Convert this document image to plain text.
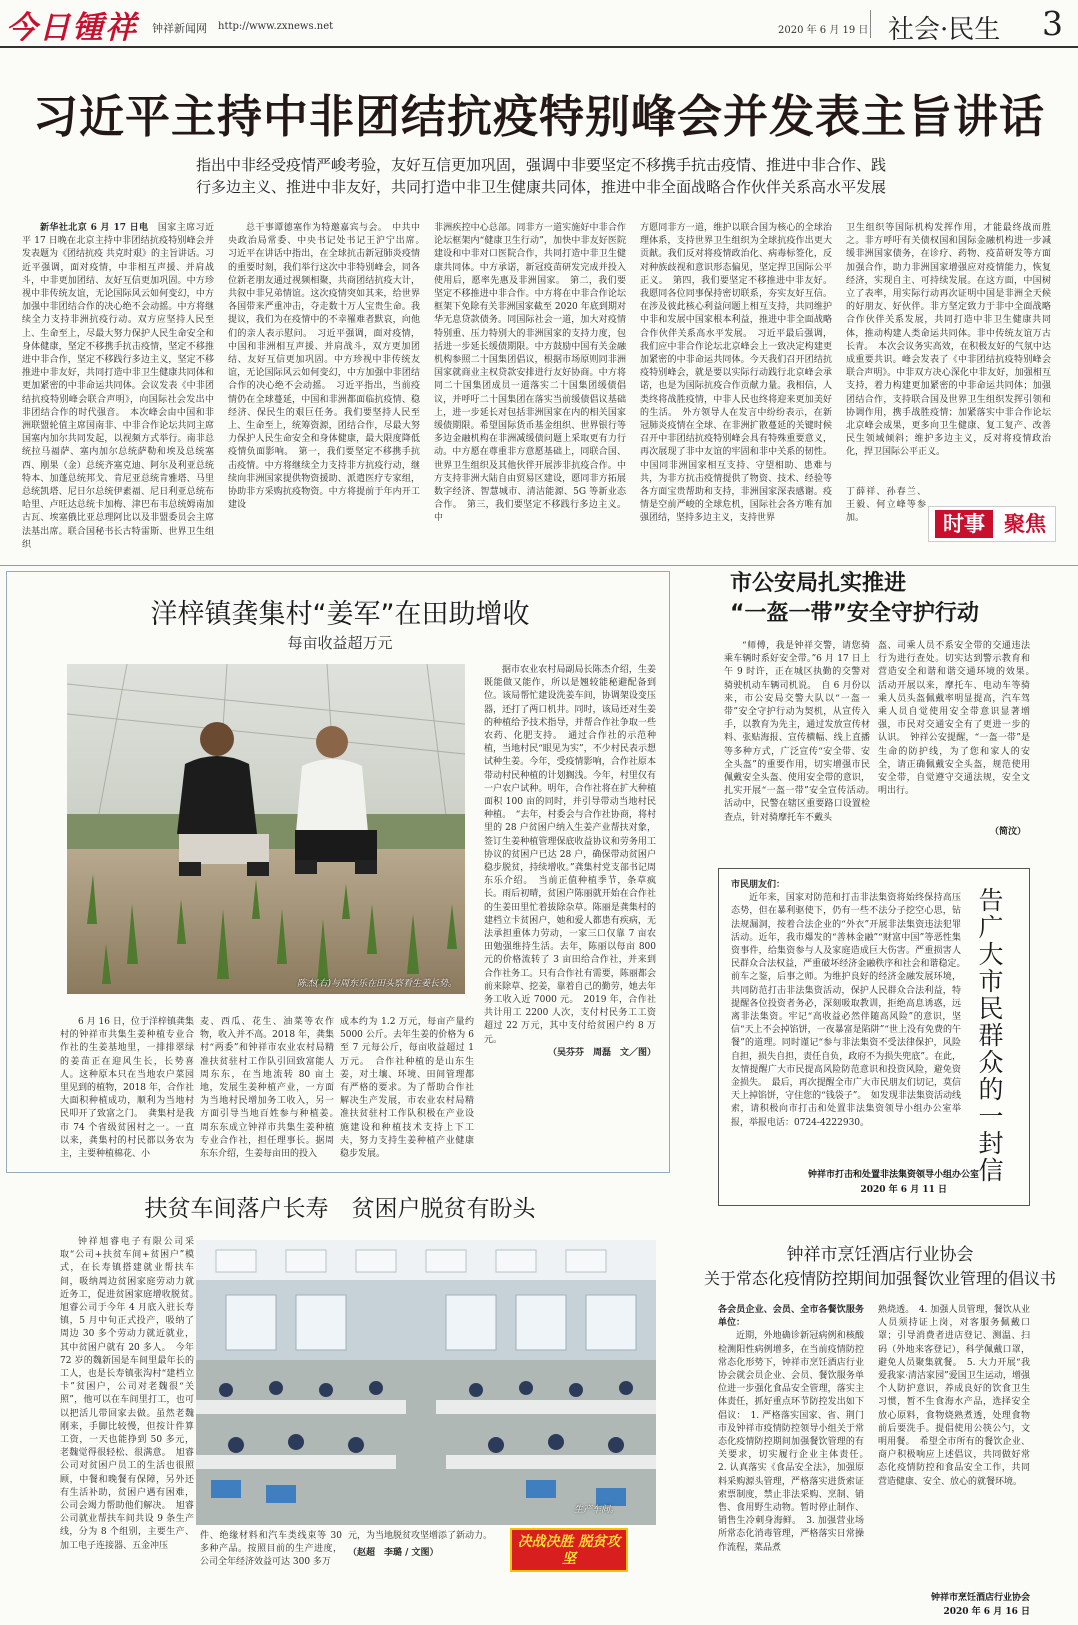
今日锺祥 钟祥新闻网 http://www.zxnews.net	2020 年 6 月 19 日 社会·民生 3
习近平主持中非团结抗疫特别峰会并发表主旨讲话
指出中非经受疫情严峻考验，友好互信更加巩固，强调中非要坚定不移携手抗击疫情、推进中非合作、践
行多边主义、推进中非友好，共同打造中非卫生健康共同体，推进中非全面战略合作伙伴关系高水平发展

新华社北京 6 月 17 日电　 国家主席习近平 17 日晚在北京主持中非团结抗疫特别峰会并发表题为《团结抗疫 共克时艰》的主旨讲话。习近平强调，面对疫情，中非相互声援、并肩战斗，中非更加团结、友好互信更加巩固。中方珍视中非传统友谊，无论国际风云如何变幻，中方加强中非团结合作的决心绝不会动摇。中方将继续全力支持非洲抗疫行动。双方应坚持人民至上、生命至上，尽最大努力保护人民生命安全和身体健康，坚定不移携手抗击疫情，坚定不移推进中非合作，坚定不移践行多边主义，坚定不移推进中非友好，共同打造中非卫生健康共同体和更加紧密的中非命运共同体。会议发表《中非团结抗疫特别峰会联合声明》，向国际社会发出中非团结合作的时代强音。　本次峰会由中国和非洲联盟轮值主席国南非、中非合作论坛共同主席国塞内加尔共同发起，以视频方式举行。南非总统拉马福萨、塞内加尔总统萨勒和埃及总统塞西、刚果（金）总统齐塞克迪、阿尔及利亚总统特本、加蓬总统邦戈、肯尼亚总统肯雅塔、马里总统凯塔、尼日尔总统伊素福、尼日利亚总统布哈里、卢旺达总统卡加梅、津巴布韦总统姆南加古瓦、埃塞俄比亚总理阿比以及非盟委员会主席法基出席。联合国秘书长古特雷斯、世界卫生组织

总干事谭德塞作为特邀嘉宾与会。　中共中央政治局常委、中央书记处书记王沪宁出席。　习近平在讲话中指出，在全球抗击新冠肺炎疫情的重要时刻，我们举行这次中非特别峰会，同各位新老朋友通过视频相聚，共商团结抗疫大计，共叙中非兄弟情谊。这次疫情突如其来，给世界各国带来严重冲击，夺走数十万人宝贵生命。我提议，我们为在疫情中的不幸罹难者默哀，向他们的亲人表示慰问。　习近平强调，面对疫情，中国和非洲相互声援、并肩战斗，双方更加团结、友好互信更加巩固。中方珍视中非传统友谊，无论国际风云如何变幻，中方加强中非团结合作的决心绝不会动摇。　习近平指出，当前疫情仍在全球蔓延，中国和非洲都面临抗疫情、稳经济、保民生的艰巨任务。我们要坚持人民至上、生命至上，统筹资源，团结合作，尽最大努力保护人民生命安全和身体健康，最大限度降低疫情负面影响。　第一，我们要坚定不移携手抗击疫情。中方将继续全力支持非方抗疫行动，继续向非洲国家提供物资援助、派遣医疗专家组，协助非方采购抗疫物资。中方将提前于年内开工建设

非洲疾控中心总部。同非方一道实施好中非合作论坛框架内“健康卫生行动”，加快中非友好医院建设和中非对口医院合作，共同打造中非卫生健康共同体。中方承诺，新冠疫苗研发完成并投入使用后，愿率先惠及非洲国家。　第二，我们要坚定不移推进中非合作。中方将在中非合作论坛框架下免除有关非洲国家截至 2020 年底到期对华无息贷款债务。同国际社会一道，加大对疫情特别重、压力特别大的非洲国家的支持力度，包括进一步延长缓债期限。中方鼓励中国有关金融机构参照二十国集团倡议，根据市场原则同非洲国家就商业主权贷款安排进行友好协商。中方将同二十国集团成员一道落实二十国集团缓债倡议，并呼吁二十国集团在落实当前缓债倡议基础上，进一步延长对包括非洲国家在内的相关国家缓债期限。希望国际货币基金组织、世界银行等多边金融机构在非洲减缓债问题上采取更有力行动。中方愿在尊重非方意愿基础上，同联合国、世界卫生组织及其他伙伴开展涉非抗疫合作。中方支持非洲大陆自由贸易区建设，愿同非方拓展数字经济、智慧城市、清洁能源、5G 等新业态合作。　第三，我们要坚定不移践行多边主义。中

方愿同非方一道，维护以联合国为核心的全球治理体系，支持世界卫生组织为全球抗疫作出更大贡献。我们反对将疫情政治化、病毒标签化，反对种族歧视和意识形态偏见，坚定捍卫国际公平正义。　第四，我们要坚定不移推进中非友好。我愿同各位同事保持密切联系，夯实友好互信。在涉及彼此核心利益问题上相互支持，共同维护中非和发展中国家根本利益，推进中非全面战略合作伙伴关系高水平发展。　习近平最后强调，我们应中非合作论坛北京峰会上一致决定构建更加紧密的中非命运共同体。今天我们召开团结抗疫特别峰会，就是要以实际行动践行北京峰会承诺，也是为国际抗疫合作贡献力量。我相信，人类终将战胜疫情，中非人民也终将迎来更加美好的生活。　外方领导人在发言中纷纷表示，在新冠肺炎疫情在全球、在非洲扩散蔓延的关键时候召开中非团结抗疫特别峰会具有特殊重要意义，再次展现了非中友谊的牢固和非中关系的韧性。中国同非洲国家相互支持、守望相助、患难与共，为非方抗击疫情提供了物资、技术、经验等各方面宝贵帮助和支持，非洲国家深表感谢。疫情是空前严峻的全球危机，国际社会各方唯有加强团结，坚持多边主义，支持世界

卫生组织等国际机构发挥作用，才能最终战而胜之。非方呼吁有关债权国和国际金融机构进一步减缓非洲国家债务，在诊疗、药物、疫苗研发等方面加强合作，助力非洲国家增强应对疫情能力，恢复经济，实现自主、可持续发展。在这方面，中国树立了表率，用实际行动再次证明中国是非洲全天候的好朋友、好伙伴。非方坚定致力于非中全面战略合作伙伴关系发展，共同打造中非卫生健康共同体，推动构建人类命运共同体。非中传统友谊万古长青。　本次会议务实高效，在积极友好的气氛中达成重要共识。峰会发表了《中非团结抗疫特别峰会联合声明》。中非双方决心深化中非友好，加强相互支持，着力构建更加紧密的中非命运共同体；加强团结合作，支持联合国及世界卫生组织发挥引领和协调作用，携手战胜疫情；加紧落实中非合作论坛北京峰会成果，更多向卫生健康、复工复产、改善民生领域倾斜；维护多边主义，反对将疫情政治化，捍卫国际公平正义。

丁薛祥、孙春兰、王毅、何立峰等参加。	时事 聚焦
洋梓镇龚集村“姜军”在田助增收
每亩收益超万元
陈杰(右)与周东乐在田头察看生姜长势。

据市农业农村局副局长陈杰介绍，生姜既能做又能作，所以是翘较能秘避配备到位。该局帮忙建设洗姜车间，协调架设变压器，还打了两口机井。同时，该局还对生姜的种植给予技术指导，并帮合作社争取一些农药、化肥支持。　通过合作社的示范种植，当地村民“眼见为实”，不少村民表示想试种生姜。今年，受疫情影响，合作社原本带动村民种植的计划搁浅。今年，村里仅有一户农户试种。明年，合作社将在扩大种植面积 100 亩的同时，并引导带动当地村民种植。　“去年，村委会与合作社协商，将村里的 28 户贫困户纳入生姜产业帮扶对象，签订生姜种植管理保底收益协议和劳务用工协议的贫困户已达 28 户，确保带动贫困户稳步脱贫，持续增收。”龚集村党支部书记周东乐介绍。　当前正值种植季节，条草疯长。雨后初晴，贫困户陈丽就开始在合作社的生姜田里忙着拔除杂草。陈丽是龚集村的建档立卡贫困户，她和爱人都患有疾病，无法承担重体力劳动，一家三口仅靠 7 亩农田勉强维持生活。去年，陈丽以每亩 800 元的价格流转了 3 亩田给合作社，并来到合作社务工。只有合作社有需要，陈丽都会前来除草、挖姜，靠着自己的勤劳，她去年务工收入近 7000 元。　2019 年，合作社共计用工 2200 人次，支付村民务工工资超过 22 万元，其中支付给贫困户约 8 万元。

（吴芬芬　周磊　文／图）

6 月 16 日，位于洋梓镇龚集村的钟祥市共集生姜种植专业合作社的生姜基地里，一排排翠绿的姜苗正在迎风生长，长势喜人。这种原本只在当地农户菜园里见到的植物，2018 年，合作社大面积种植成功，顺利为当地村民叩开了致富之门。　龚集村是我市 74 个省级贫困村之一。一直以来，龚集村的村民都以务农为主，主要种植棉花、小

麦、西瓜、花生、油菜等农作物，收入并不高。2018 年，龚集村“两委”和钟祥市农业农村局精准扶贫驻村工作队引回致富能人周东东，在当地流转 80 亩土地，发展生姜种植产业，一方面为当地村民增加务工收入，另一方面引导当地百姓参与种植姜。　周东东成立钟祥市共集生姜种植专业合作社，担任理事长。据周东东介绍，生姜每亩田的投入

成本约为 1.2 万元，每亩产量约 5000 公斤。去年生姜的价格为 6 至 7 元每公斤，每亩收益超过 1 万元。　合作社种植的是山东生姜，对土壤、环境、田间管理都有严格的要求。为了帮助合作社解决生产发展，市农业农村局精准扶贫驻村工作队积极在产业设施建设和种植技术支持上下工夫，努力支持生姜种植产业健康稳步发展。

扶贫车间落户长寿　贫困户脱贫有盼头

钟祥旭睿电子有限公司采取“公司+扶贫车间+贫困户”模式，在长寿镇搭建就业帮扶车间，吸纳周边贫困家庭劳动力就近务工，促进贫困家庭增收脱贫。　旭睿公司于今年 4 月底入驻长寿镇，5 月中旬正式投产，吸纳了周边 30 多个劳动力就近就业，其中贫困户就有 20 多人。　今年 72 岁的魏新国是车间里最年长的工人，也是长寿镇张沟村“建档立卡”贫困户，公司对老魏很“关照”，他可以在车间里打工，也可以把活儿带回家去做。虽然老魏刚来，手脚比较慢，但按计件算工资，一天也能挣到 50 多元，老魏觉得很轻松、很满意。　旭睿公司对贫困户员工的生活也很照顾，中餐和晚餐有保障，另外还有生活补助，贫困户遇有困难，公司会竭力帮助他们解决。　旭睿公司就业帮扶车间共设 9 条生产线，分为 8 个组别，主要生产、加工电子连接器、五金冲压

生产车间。

件、绝缘材料和汽车类线束等 30 多种产品。按照目前的生产进度，公司全年经济效益可达 300 多万

元，为当地脱贫攻坚增添了新动力。

（赵超　李璐 / 文图）

决战决胜 脱贫攻坚
市公安局扎实推进
“一盔一带”安全守护行动

“师傅，我是钟祥交警，请您骑乘车辆时系好安全带。”6 月 17 日上午 9 时许，正在城区执勤的交警对骑驶机动车辆司机说。　自 6 月份以来，市公安局交警大队以“一盔一带”安全守护行动为契机，从宣传入手，以教育为先主，通过发放宣传材料、张贴海报、宣传横幅、线上直播等多种方式，广泛宣传“安全带、安全头盔”的重要作用，切实增强市民佩戴安全头盔、使用安全带的意识，扎实开展“一盔一带”安全宣传活动。　活动中，民警在辖区重要路口设置检查点，针对骑摩托车不戴头

盔、司乘人员不系安全带的交通违法行为进行查处。切实达到警示教育和营造安全和谐和谐交通环境的效果。　活动开展以来，摩托车、电动车等骑乘人员头盔佩戴率明显提高，汽车驾乘人员自觉使用安全带意识显著增强，市民对交通安全有了更进一步的认识。　钟祥公安提醒，“一盔一带”是生命的防护线，为了您和家人的安全，请正确佩戴安全头盔，规范使用安全带，自觉遵守交通法规，安全文明出行。

（简汶）

市民朋友们：

近年来，国家对防范和打击非法集资将始终保持高压态势，但在暴利驱使下，仍有一些不法分子挖空心思，钻法规漏洞，按着合法企业的“外衣”开展非法集资违法犯罪活动。近年，我市爆发的“善林金融”“财富中国”等恶性集资事件，给集资参与人及家庭造成巨大伤害。严重损害人民群众合法权益，严重破坏经济金融秩序和社会和谐稳定。　前车之鉴，后事之师。为维护良好的经济金融发展环境，共同防范打击非法集资活动，保护人民群众合法利益，特提醒各位投资者务必，深刻吸取教训，拒绝高息诱惑，远离非法集资。牢记“高收益必然伴随高风险”的意识，坚信“天上不会掉馅饼，一夜暴富是陷阱”“世上没有免费的午餐”的道理。同时谨记“参与非法集资不受法律保护，风险自担，损失自担，责任自负，政府不为损失兜底”。在此，友情提醒广大市民提高风险防范意识和投资风险，避免资金损失。　最后，再次提醒全市广大市民朋友们切记，莫信天上掉馅饼，守住您的“钱袋子”。　如发现非法集资活动线索，请积极向市打击和处置非法集资领导小组办公室举报，举报电话：0724-4222930。

告广大市民群众的一封信
钟祥市打击和处置非法集资领导小组办公室
2020 年 6 月 11 日
钟祥市烹饪酒店行业协会
关于常态化疫情防控期间加强餐饮业管理的倡议书

各会员企业、会员、全市各餐饮服务单位：

近期，外地确诊新冠病例和核酸检测阳性病例增多，在当前疫情防控常态化形势下，钟祥市烹饪酒店行业协会就会员企业、会员、餐饮服务单位进一步强化食品安全管理，落实主体责任，抓好重点环节防控发出如下倡议：　1. 严格落实国家、省、荆门市及钟祥市疫情防控领导小组关于常态化疫情防控期间加强餐饮管理的有关要求，切实履行企业主体责任。　2. 认真落实《食品安全法》，加强原料采购源头管理，严格落实进货索证索票制度，禁止非法采购、烹制、销售、食用野生动物。暂时停止制作、销售生冷刺身海鲜。　3. 加强营业场所常态化消毒管理，严格落实日常操作流程，菜品煮

熟烧透。　4. 加强人员管理，餐饮从业人员须持证上岗，对客服务佩戴口罩；引导消费者进店登记、测温、扫码（外地来客登记），科学佩戴口罩，避免人员聚集就餐。　5. 大力开展“我爱我家·清洁家园”爱国卫生运动，增强个人防护意识，养成良好的饮食卫生习惯，暂不生食海水产品，选择安全放心原料，食物烧熟煮透，处理食物前后要洗手。提倡使用公筷公勺，文明用餐。　希望全市所有的餐饮企业、商户积极响应上述倡议，共同做好常态化疫情防控和食品安全工作，共同营造健康、安全、放心的就餐环境。

钟祥市烹饪酒店行业协会
2020 年 6 月 16 日
